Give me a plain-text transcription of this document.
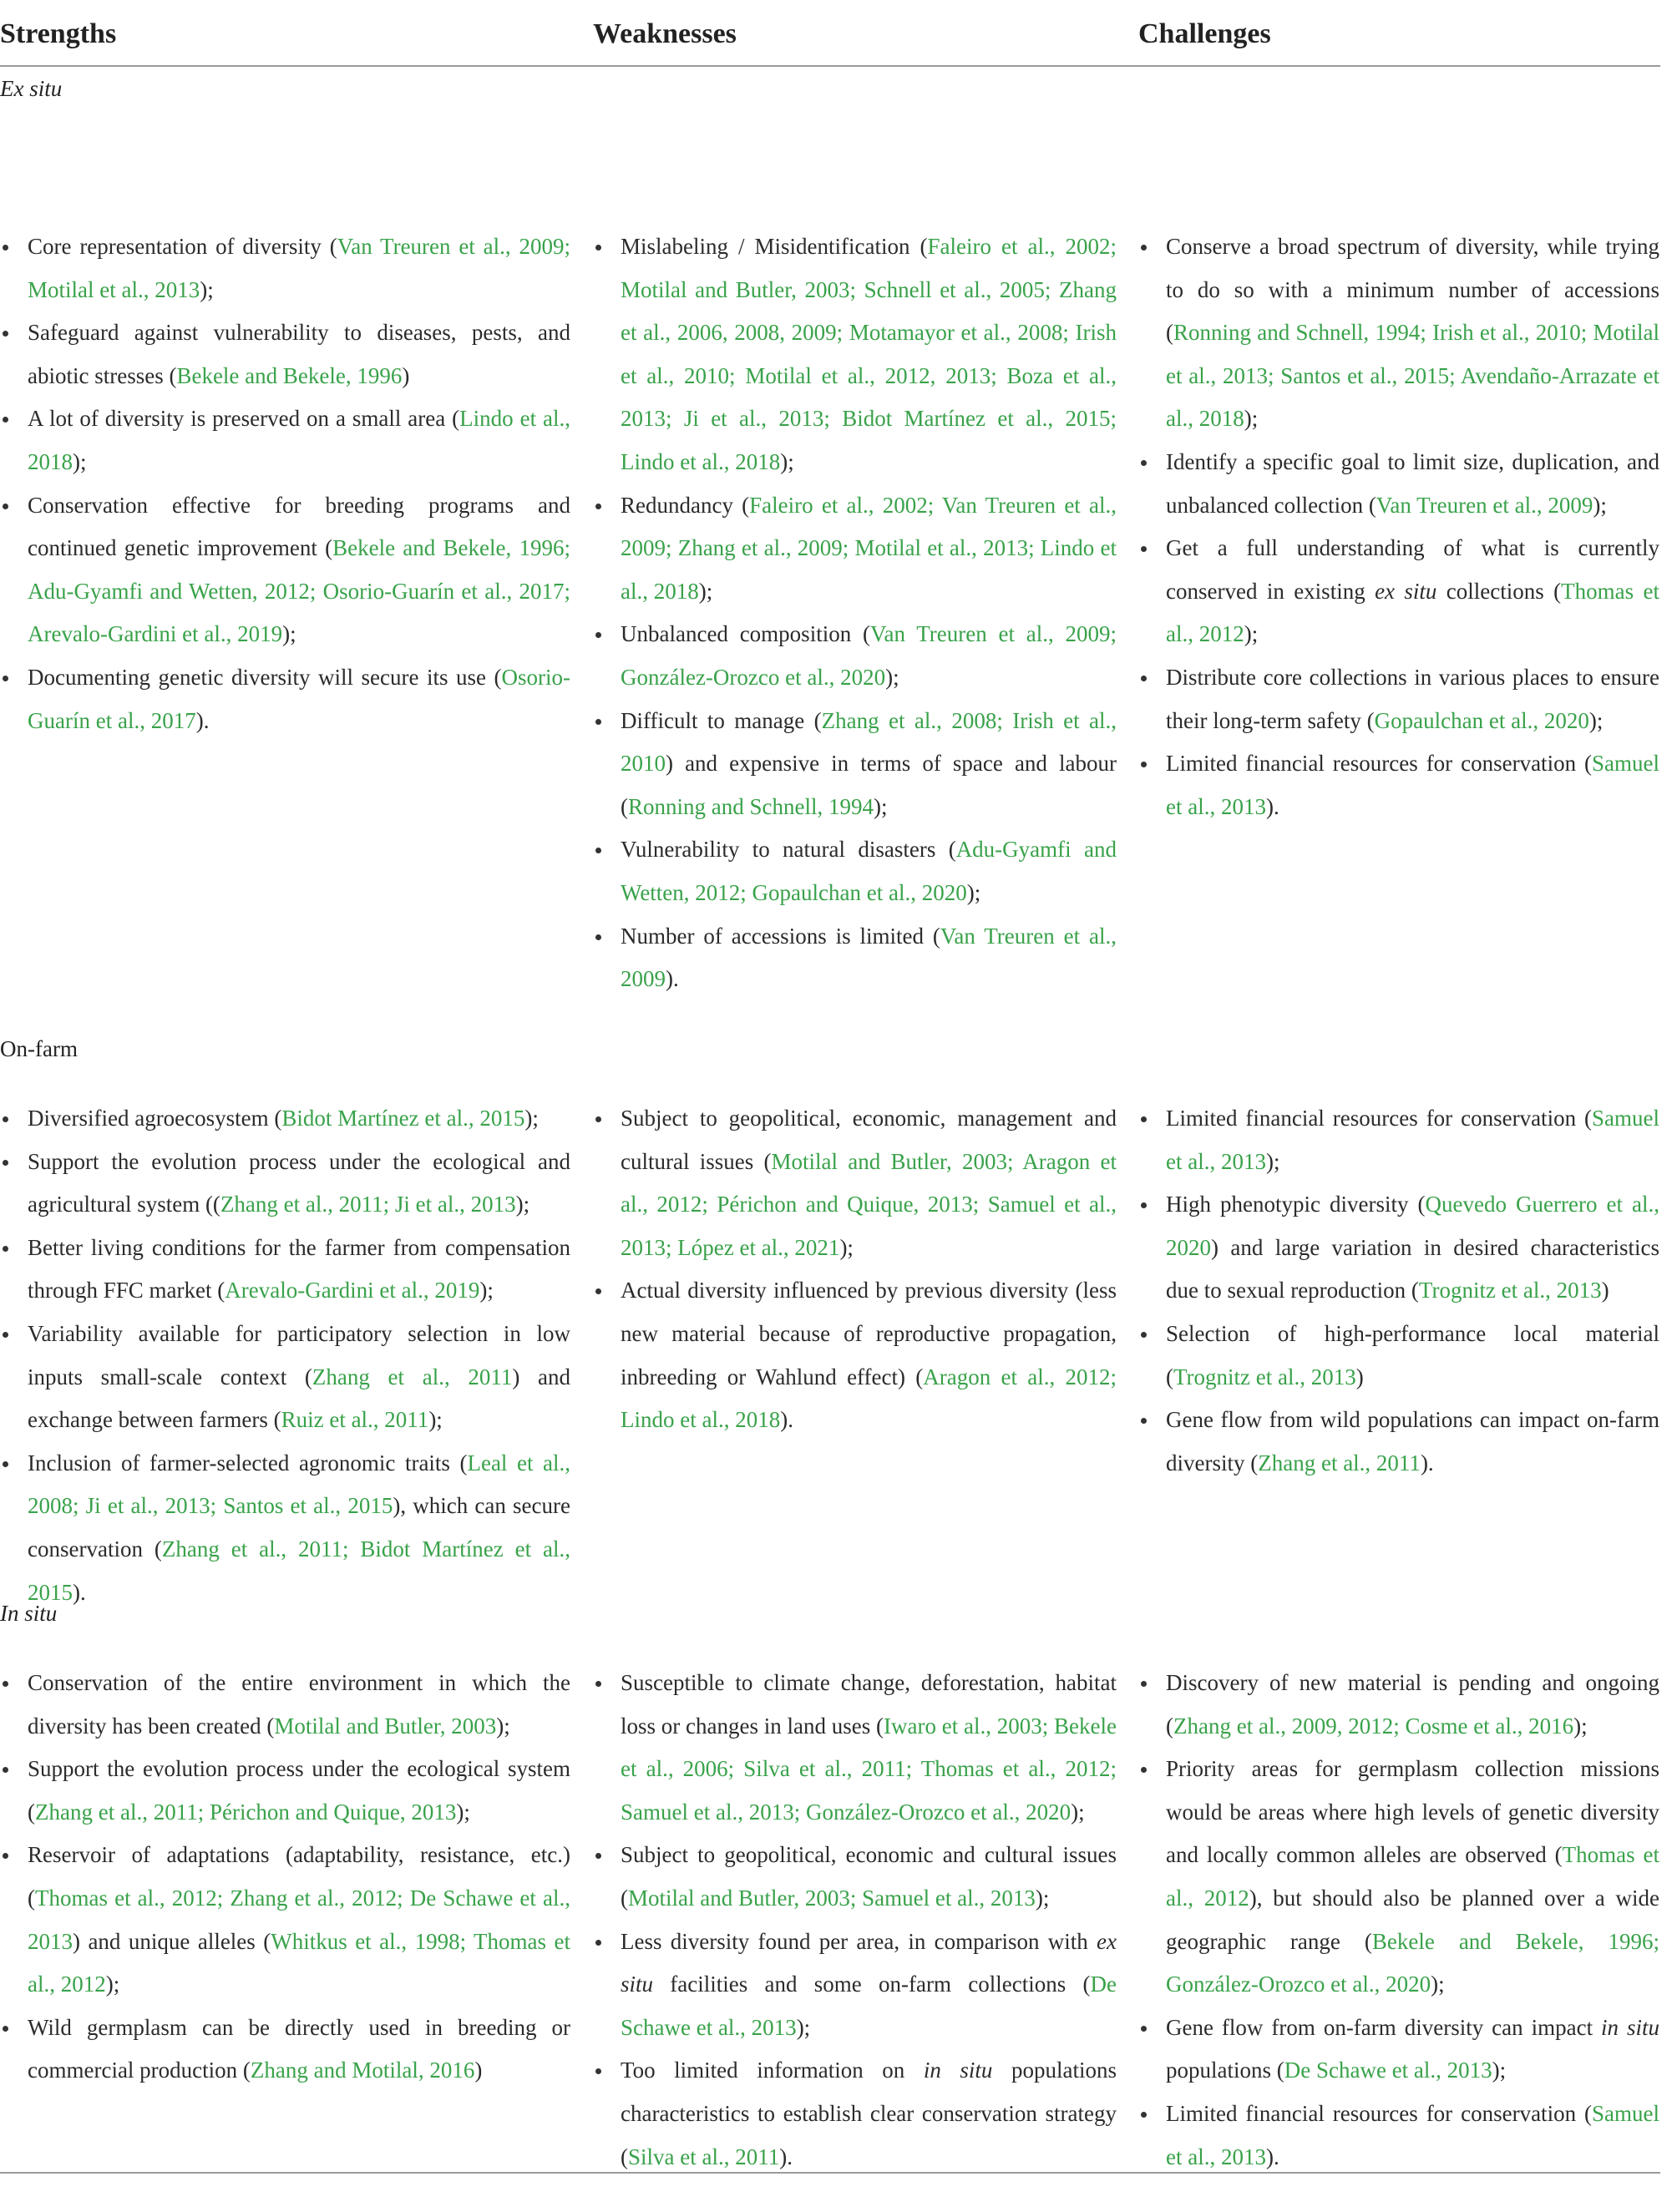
Strengths	Weaknesses	Challenges
Ex situ
Core representation of diversity (Van Treuren et al., 2009; Motilal et al., 2013);
Safeguard against vulnerability to diseases, pests, and abiotic stresses (Bekele and Bekele, 1996)
A lot of diversity is preserved on a small area (Lindo et al., 2018);
Conservation effective for breeding programs and continued genetic improvement (Bekele and Bekele, 1996; Adu-Gyamfi and Wetten, 2012; Osorio-Guarín et al., 2017; Arevalo-Gardini et al., 2019);
Documenting genetic diversity will secure its use (Osorio-Guarín et al., 2017).
Mislabeling / Misidentification (Faleiro et al., 2002; Motilal and Butler, 2003; Schnell et al., 2005; Zhang et al., 2006, 2008, 2009; Motamayor et al., 2008; Irish et al., 2010; Motilal et al., 2012, 2013; Boza et al., 2013; Ji et al., 2013; Bidot Martínez et al., 2015; Lindo et al., 2018);
Redundancy (Faleiro et al., 2002; Van Treuren et al., 2009; Zhang et al., 2009; Motilal et al., 2013; Lindo et al., 2018);
Unbalanced composition (Van Treuren et al., 2009; González-Orozco et al., 2020);
Difficult to manage (Zhang et al., 2008; Irish et al., 2010) and expensive in terms of space and labour (Ronning and Schnell, 1994);
Vulnerability to natural disasters (Adu-Gyamfi and Wetten, 2012; Gopaulchan et al., 2020);
Number of accessions is limited (Van Treuren et al., 2009).
Conserve a broad spectrum of diversity, while trying to do so with a minimum number of accessions (Ronning and Schnell, 1994; Irish et al., 2010; Motilal et al., 2013; Santos et al., 2015; Avendaño-Arrazate et al., 2018);
Identify a specific goal to limit size, duplication, and unbalanced collection (Van Treuren et al., 2009);
Get a full understanding of what is currently conserved in existing ex situ collections (Thomas et al., 2012);
Distribute core collections in various places to ensure their long-term safety (Gopaulchan et al., 2020);
Limited financial resources for conservation (Samuel et al., 2013).
On-farm
Diversified agroecosystem (Bidot Martínez et al., 2015);
Support the evolution process under the ecological and agricultural system ((Zhang et al., 2011; Ji et al., 2013);
Better living conditions for the farmer from compensation through FFC market (Arevalo-Gardini et al., 2019);
Variability available for participatory selection in low inputs small-scale context (Zhang et al., 2011) and exchange between farmers (Ruiz et al., 2011);
Inclusion of farmer-selected agronomic traits (Leal et al., 2008; Ji et al., 2013; Santos et al., 2015), which can secure conservation (Zhang et al., 2011; Bidot Martínez et al., 2015).
Subject to geopolitical, economic, management and cultural issues (Motilal and Butler, 2003; Aragon et al., 2012; Périchon and Quique, 2013; Samuel et al., 2013; López et al., 2021);
Actual diversity influenced by previous diversity (less new material because of reproductive propagation, inbreeding or Wahlund effect) (Aragon et al., 2012; Lindo et al., 2018).
Limited financial resources for conservation (Samuel et al., 2013);
High phenotypic diversity (Quevedo Guerrero et al., 2020) and large variation in desired characteristics due to sexual reproduction (Trognitz et al., 2013)
Selection of high-performance local material (Trognitz et al., 2013)
Gene flow from wild populations can impact on-farm diversity (Zhang et al., 2011).
In situ
Conservation of the entire environment in which the diversity has been created (Motilal and Butler, 2003);
Support the evolution process under the ecological system (Zhang et al., 2011; Périchon and Quique, 2013);
Reservoir of adaptations (adaptability, resistance, etc.) (Thomas et al., 2012; Zhang et al., 2012; De Schawe et al., 2013) and unique alleles (Whitkus et al., 1998; Thomas et al., 2012);
Wild germplasm can be directly used in breeding or commercial production (Zhang and Motilal, 2016)
Susceptible to climate change, deforestation, habitat loss or changes in land uses (Iwaro et al., 2003; Bekele et al., 2006; Silva et al., 2011; Thomas et al., 2012; Samuel et al., 2013; González-Orozco et al., 2020);
Subject to geopolitical, economic and cultural issues (Motilal and Butler, 2003; Samuel et al., 2013);
Less diversity found per area, in comparison with ex situ facilities and some on-farm collections (De Schawe et al., 2013);
Too limited information on in situ populations characteristics to establish clear conservation strategy (Silva et al., 2011).
Discovery of new material is pending and ongoing (Zhang et al., 2009, 2012; Cosme et al., 2016);
Priority areas for germplasm collection missions would be areas where high levels of genetic diversity and locally common alleles are observed (Thomas et al., 2012), but should also be planned over a wide geographic range (Bekele and Bekele, 1996; González-Orozco et al., 2020);
Gene flow from on-farm diversity can impact in situ populations (De Schawe et al., 2013);
Limited financial resources for conservation (Samuel et al., 2013).
